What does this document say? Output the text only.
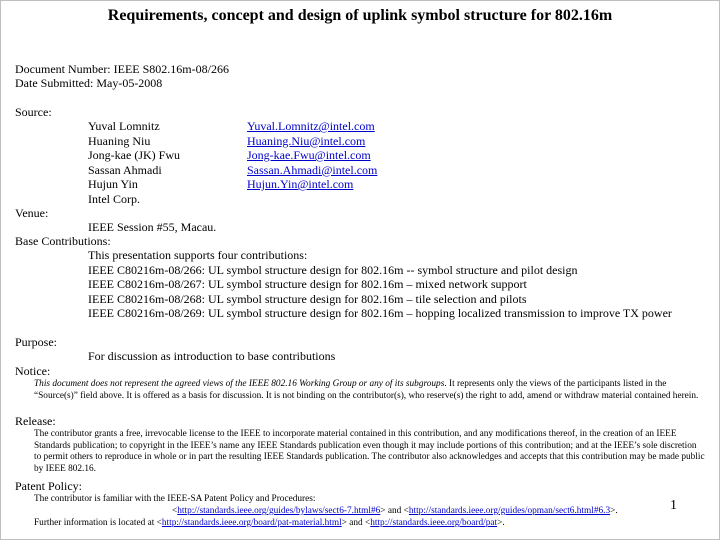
Requirements, concept and design of uplink symbol structure for 802.16m
Document Number: IEEE S802.16m-08/266
Date Submitted: May-05-2008
Source:
Yuval Lomnitz
Huaning Niu
Jong-kae (JK) Fwu
Sassan Ahmadi
Hujun Yin
Intel Corp.
Yuval.Lomnitz@intel.com
Huaning.Niu@intel.com
Jong-kae.Fwu@intel.com
Sassan.Ahmadi@intel.com
Hujun.Yin@intel.com
Venue:
IEEE Session #55, Macau.
Base Contributions:
This presentation supports four contributions:
IEEE C80216m-08/266: UL symbol structure design for 802.16m -- symbol structure and pilot design
IEEE C80216m-08/267: UL symbol structure design for 802.16m – mixed network support
IEEE C80216m-08/268: UL symbol structure design for 802.16m – tile selection and pilots
IEEE C80216m-08/269: UL symbol structure design for 802.16m – hopping localized transmission to improve TX power
Purpose:
For discussion as introduction to base contributions
Notice:
This document does not represent the agreed views of the IEEE 802.16 Working Group or any of its subgroups. It represents only the views of the participants listed in the “Source(s)” field above. It is offered as a basis for discussion. It is not binding on the contributor(s), who reserve(s) the right to add, amend or withdraw material contained herein.
Release:
The contributor grants a free, irrevocable license to the IEEE to incorporate material contained in this contribution, and any modifications thereof, in the creation of an IEEE Standards publication; to copyright in the IEEE’s name any IEEE Standards publication even though it may include portions of this contribution; and at the IEEE’s sole discretion to permit others to reproduce in whole or in part the resulting IEEE Standards publication. The contributor also acknowledges and accepts that this contribution may be made public by IEEE 802.16.
Patent Policy:
The contributor is familiar with the IEEE-SA Patent Policy and Procedures:
<http://standards.ieee.org/guides/bylaws/sect6-7.html#6> and <http://standards.ieee.org/guides/opman/sect6.html#6.3>.
Further information is located at <http://standards.ieee.org/board/pat-material.html> and <http://standards.ieee.org/board/pat>.
1
